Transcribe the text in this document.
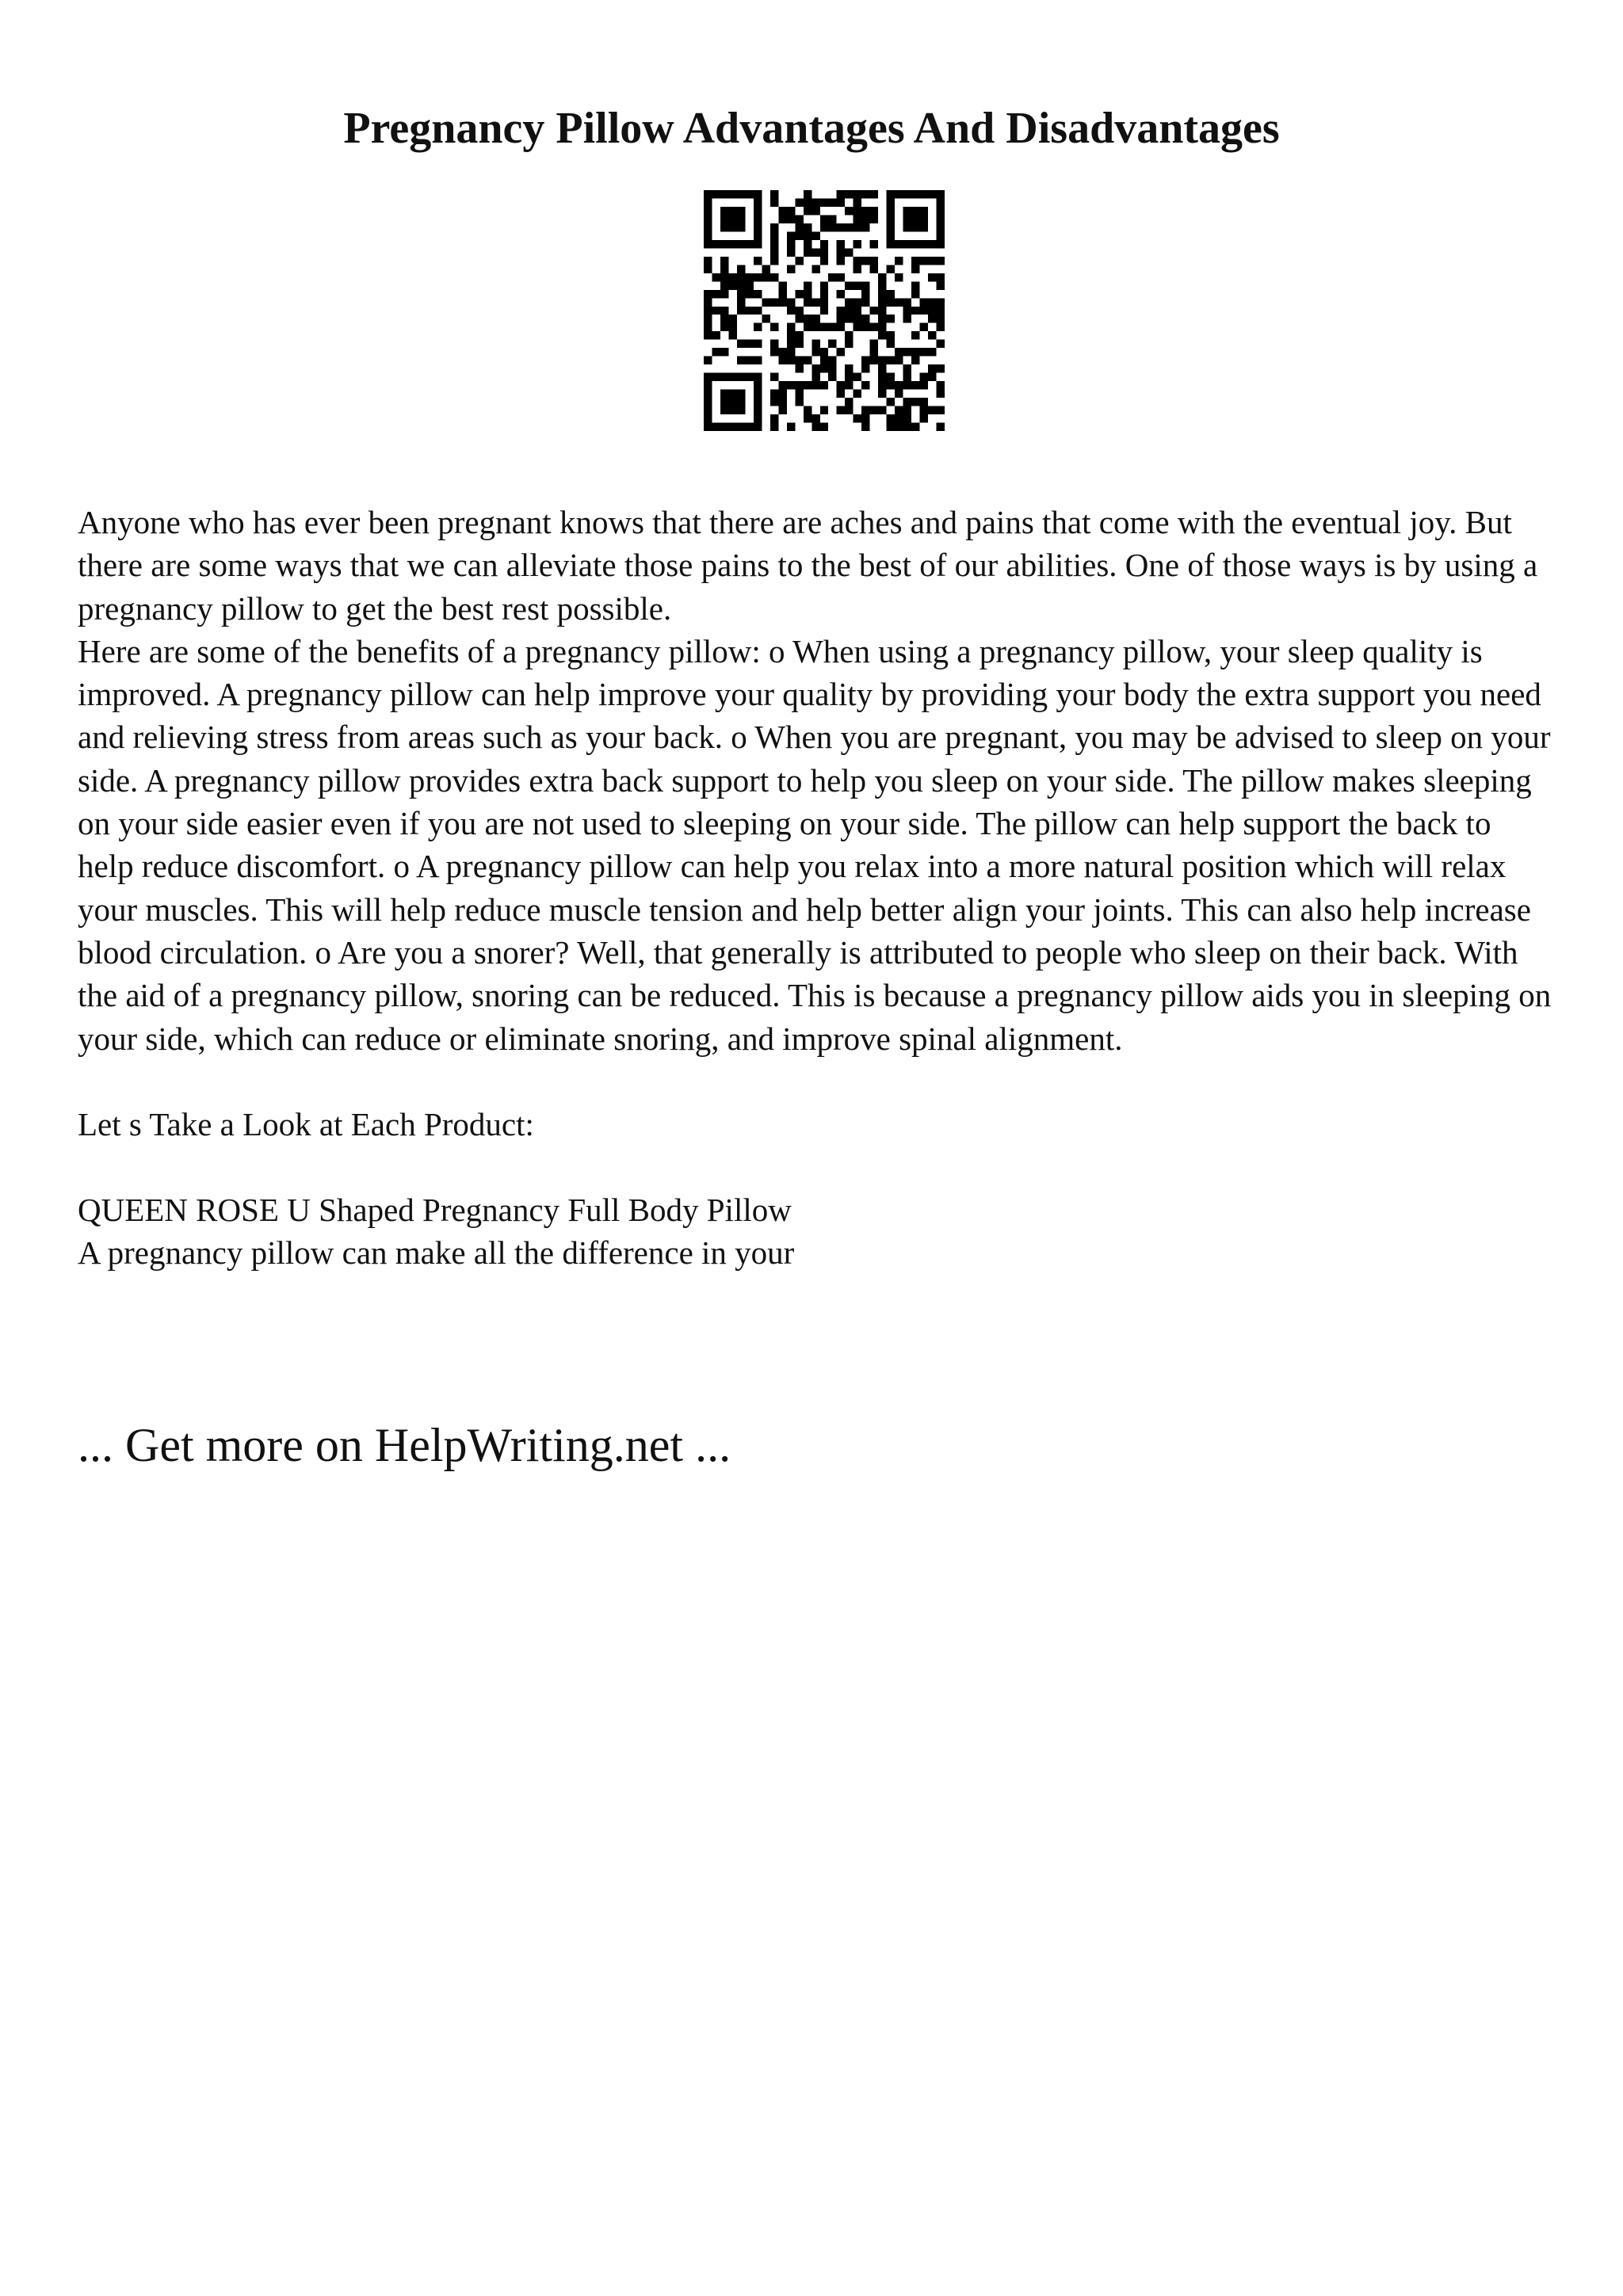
Pregnancy Pillow Advantages And Disadvantages

Anyone who has ever been pregnant knows that there are aches and pains that come with the eventual joy. But there are some ways that we can alleviate those pains to the best of our abilities. One of those ways is by using a pregnancy pillow to get the best rest possible.

Here are some of the benefits of a pregnancy pillow: o When using a pregnancy pillow, your sleep quality is improved. A pregnancy pillow can help improve your quality by providing your body the extra support you need and relieving stress from areas such as your back. o When you are pregnant, you may be advised to sleep on your side. A pregnancy pillow provides extra back support to help you sleep on your side. The pillow makes sleeping on your side easier even if you are not used to sleeping on your side. The pillow can help support the back to help reduce discomfort. o A pregnancy pillow can help you relax into a more natural position which will relax your muscles. This will help reduce muscle tension and help better align your joints. This can also help increase blood circulation. o Are you a snorer? Well, that generally is attributed to people who sleep on their back. With the aid of a pregnancy pillow, snoring can be reduced. This is because a pregnancy pillow aids you in sleeping on your side, which can reduce or eliminate snoring, and improve spinal alignment.

Let s Take a Look at Each Product:

QUEEN ROSE U Shaped Pregnancy Full Body Pillow

A pregnancy pillow can make all the difference in your

... Get more on HelpWriting.net ...
